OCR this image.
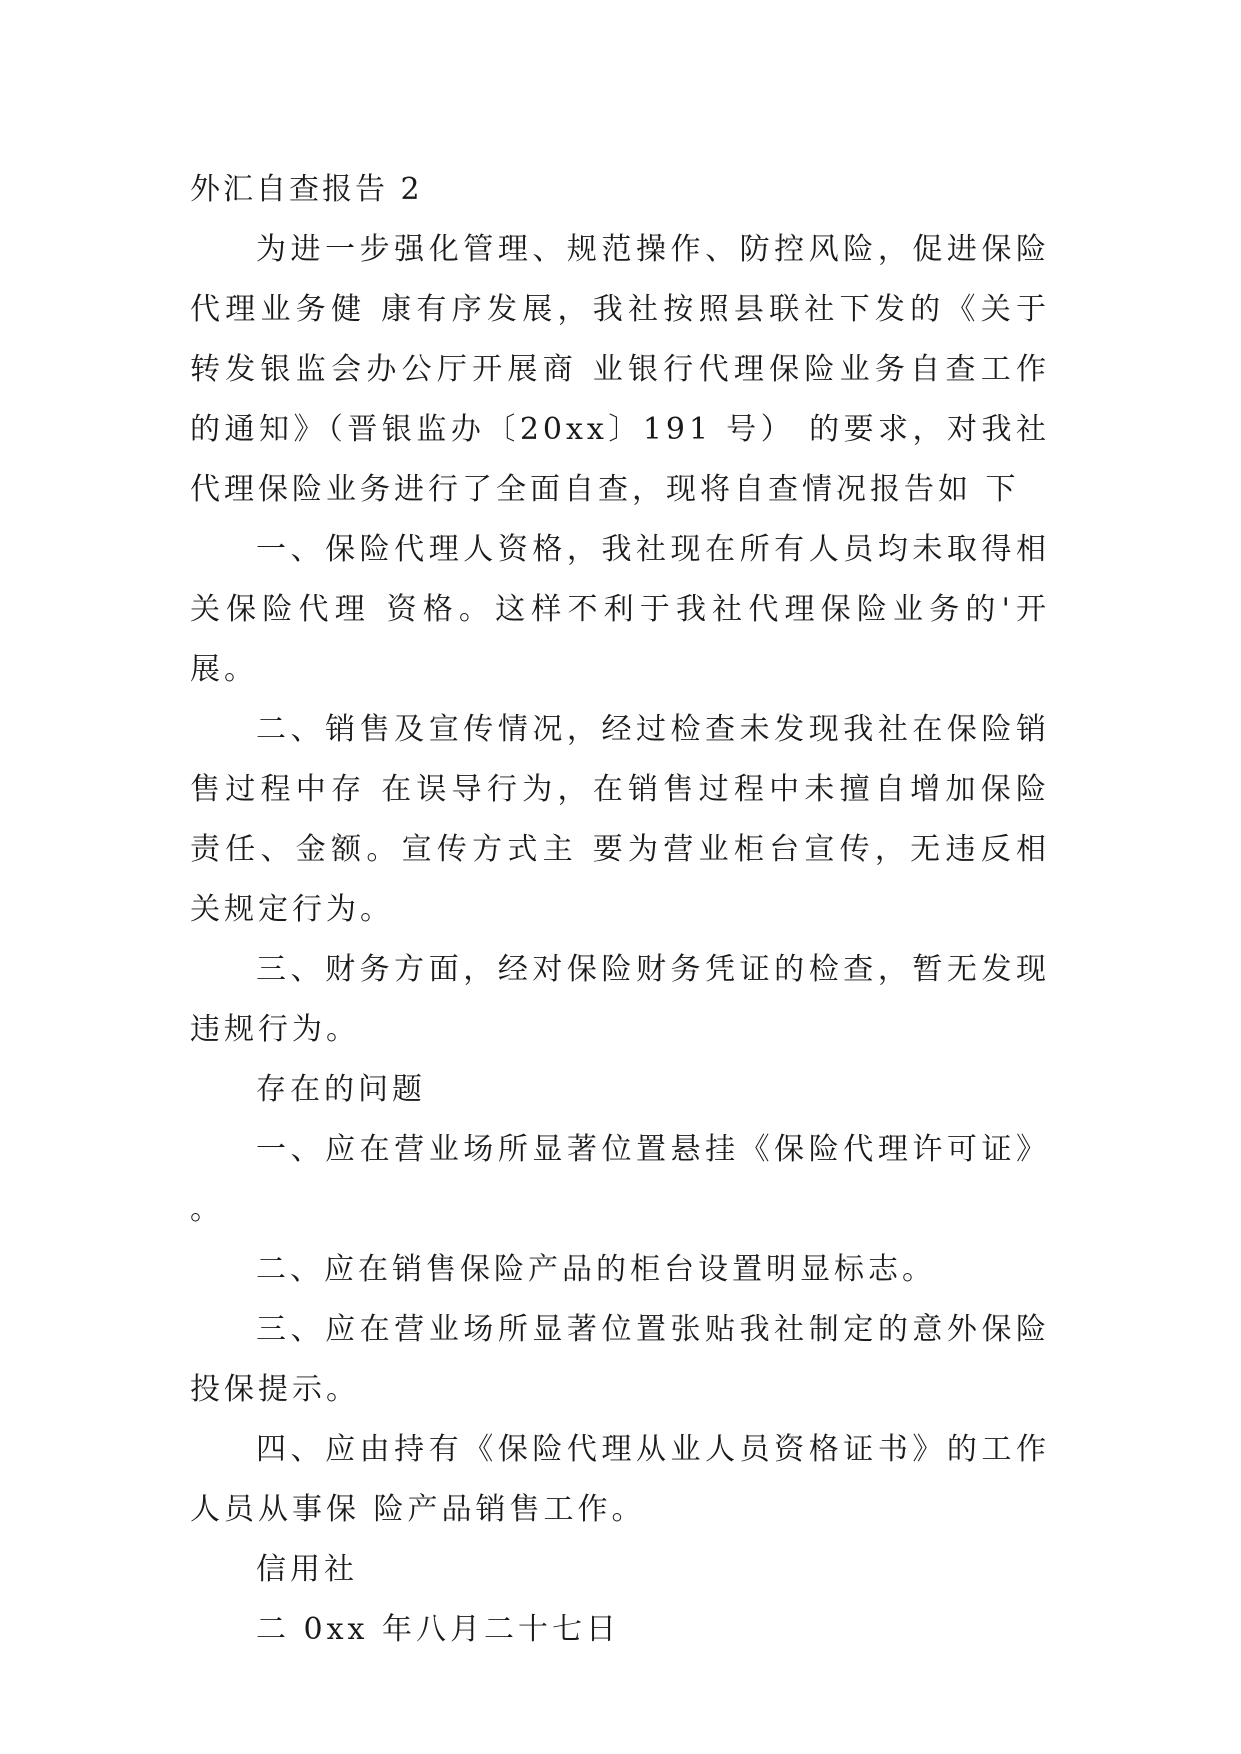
外汇自查报告 2

为进一步强化管理、规范操作、防控风险，促进保险代理业务健 康有序发展，我社按照县联社下发的《关于转发银监会办公厅开展商 业银行代理保险业务自查工作的通知》（晋银监办〔20xx〕191 号） 的要求，对我社代理保险业务进行了全面自查，现将自查情况报告如 下

一、保险代理人资格，我社现在所有人员均未取得相关保险代理 资格。这样不利于我社代理保险业务的'开展。

二、销售及宣传情况，经过检查未发现我社在保险销售过程中存 在误导行为，在销售过程中未擅自增加保险责任、金额。宣传方式主 要为营业柜台宣传，无违反相关规定行为。

三、财务方面，经对保险财务凭证的检查，暂无发现违规行为。

存在的问题

一、应在营业场所显著位置悬挂《保险代理许可证》 。

二、应在销售保险产品的柜台设置明显标志。

三、应在营业场所显著位置张贴我社制定的意外保险投保提示。

四、应由持有《保险代理从业人员资格证书》的工作人员从事保 险产品销售工作。

信用社

二 0xx 年八月二十七日
